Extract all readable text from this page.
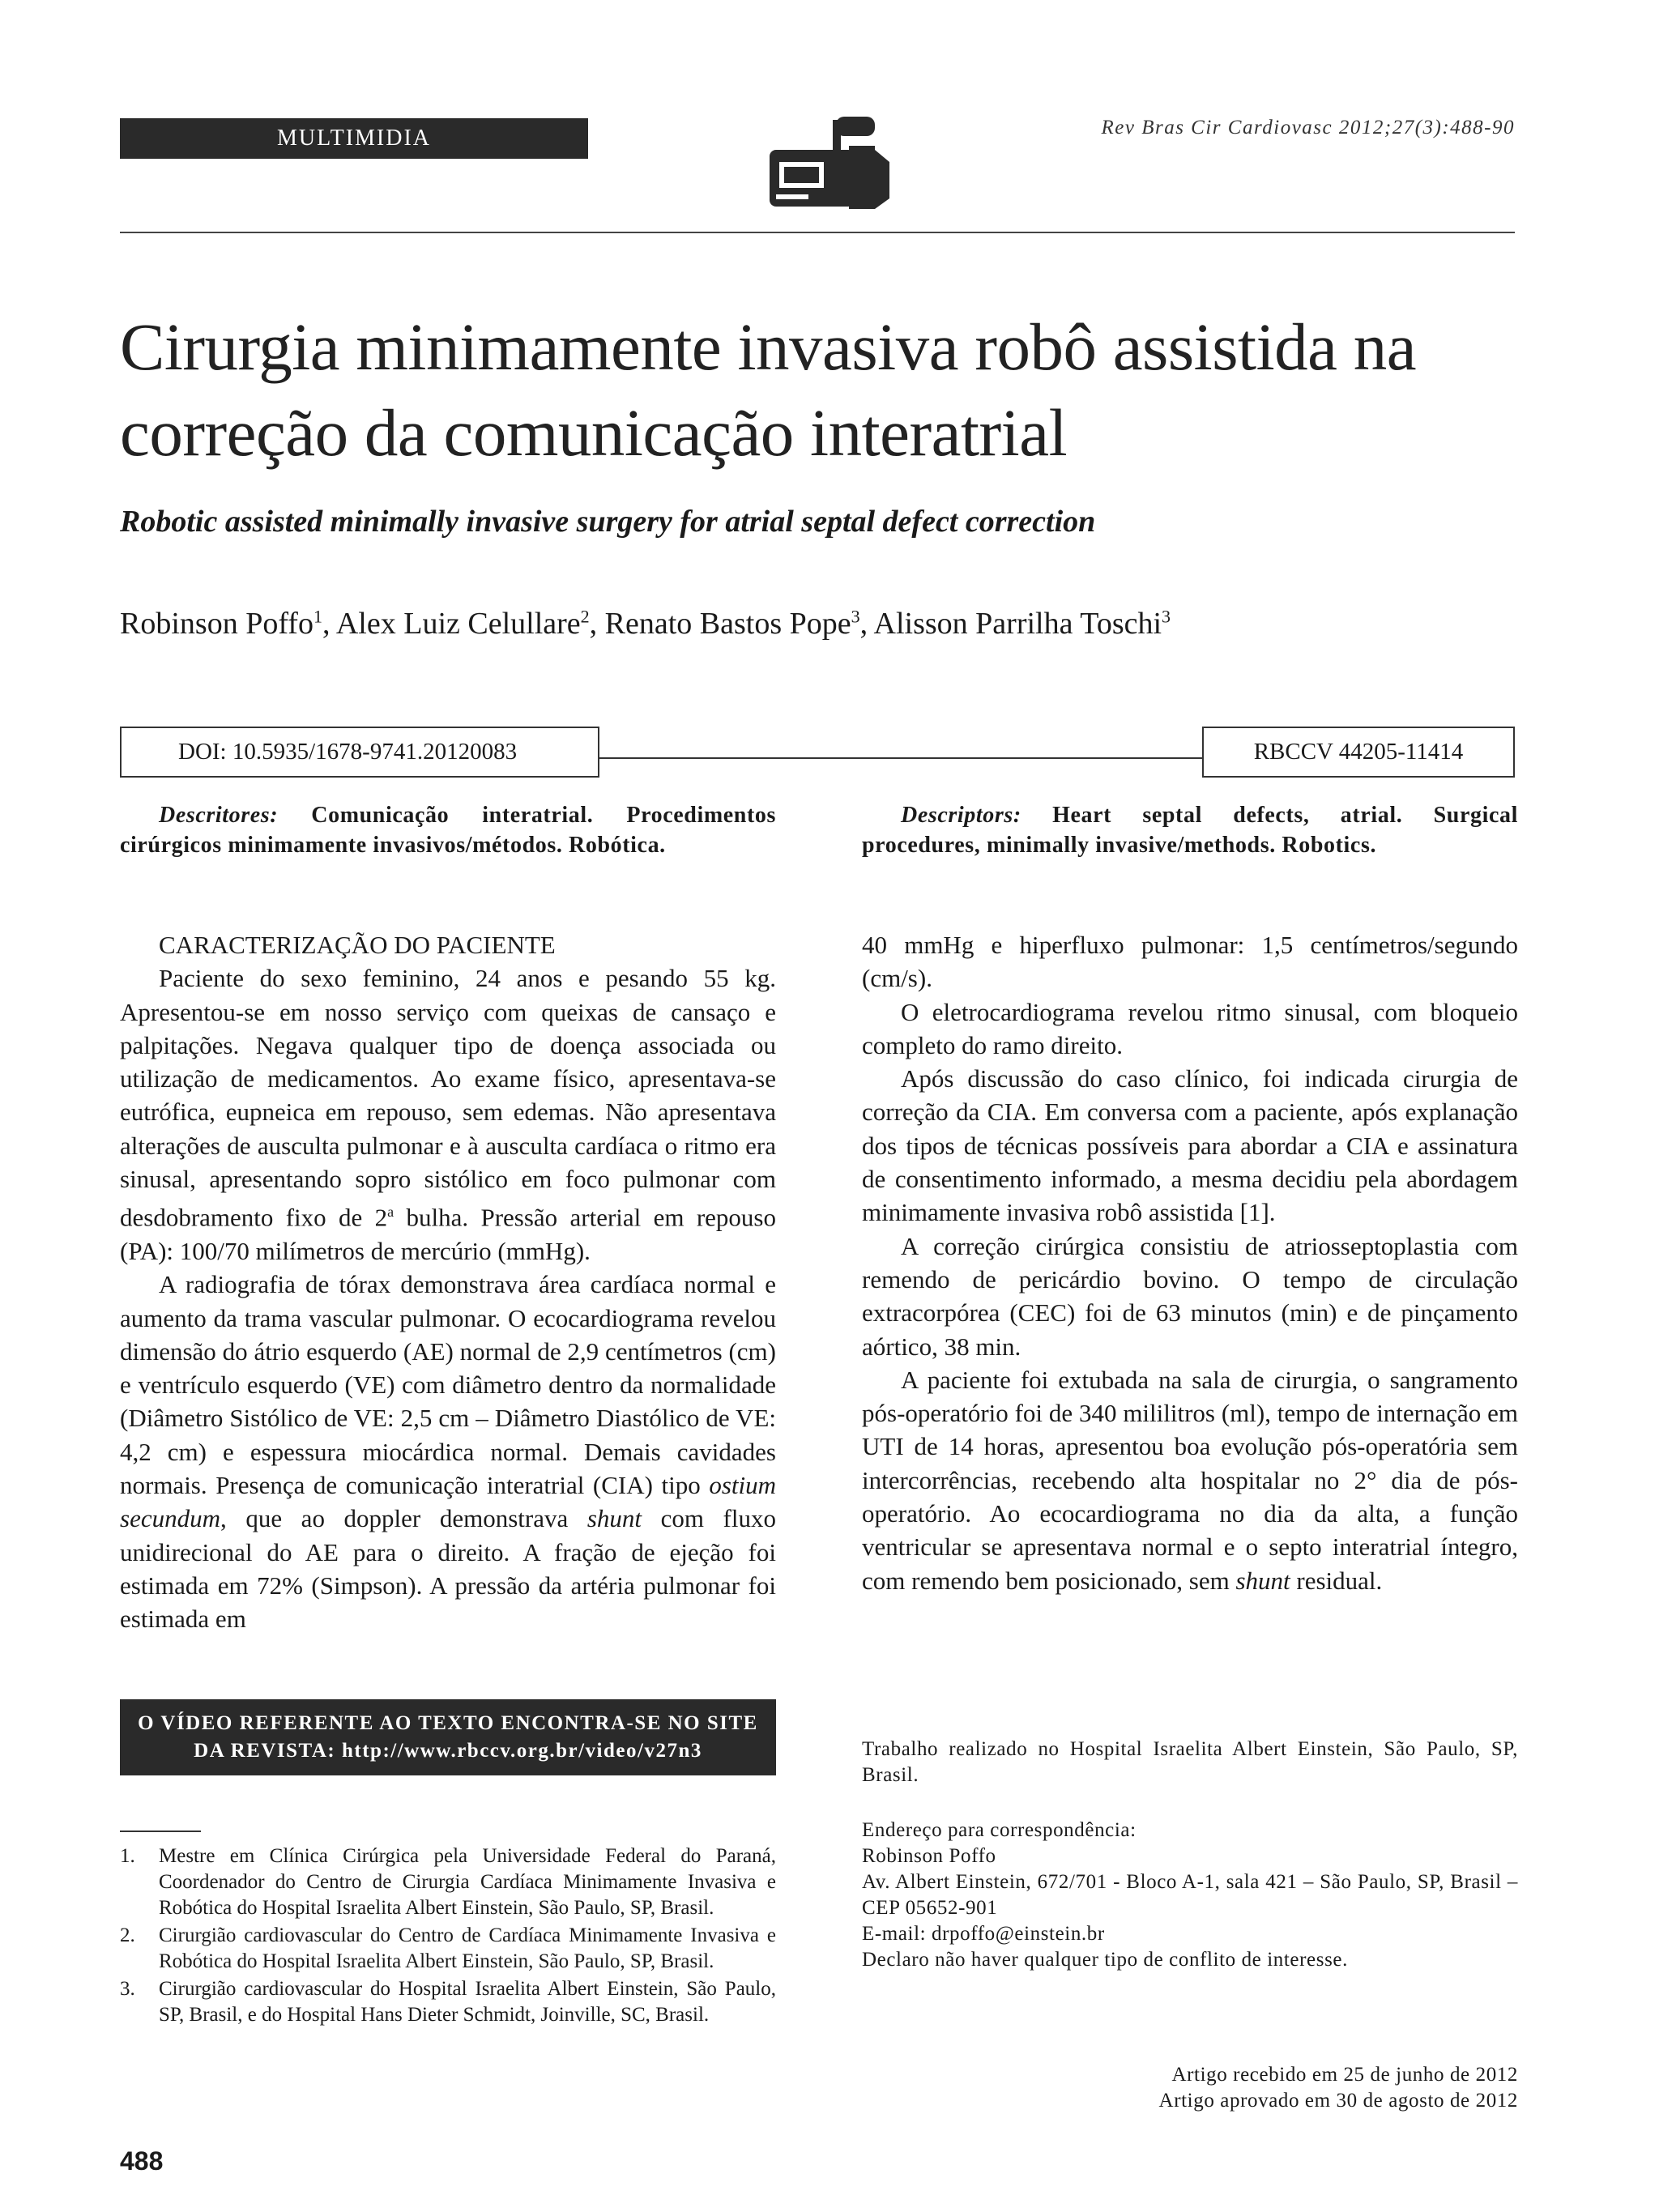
MULTIMIDIA	Rev Bras Cir Cardiovasc 2012;27(3):488-90
Cirurgia minimamente invasiva robô assistida na
correção da comunicação interatrial
Robotic assisted minimally invasive surgery for atrial septal defect correction
Robinson Poffo$^1$, Alex Luiz Celullare$^2$, Renato Bastos Pope$^3$, Alisson Parrilha Toschi$^3$
DOI: 10.5935/1678-9741.20120083	RBCCV 44205-11414
Descritores: Comunicação interatrial. Procedimentos cirúrgicos minimamente invasivos/métodos. Robótica.
Descriptors: Heart septal defects, atrial. Surgical procedures, minimally invasive/methods. Robotics.

CARACTERIZAÇÃO DO PACIENTE

Paciente do sexo feminino, 24 anos e pesando 55 kg. Apresentou-se em nosso serviço com queixas de cansaço e palpitações. Negava qualquer tipo de doença associada ou utilização de medicamentos. Ao exame físico, apresentava-se eutrófica, eupneica em repouso, sem edemas. Não apresentava alterações de ausculta pulmonar e à ausculta cardíaca o ritmo era sinusal, apresentando sopro sistólico em foco pulmonar com desdobramento fixo de 2$^a$ bulha. Pressão arterial em repouso (PA): 100/70 milímetros de mercúrio (mmHg).

A radiografia de tórax demonstrava área cardíaca normal e aumento da trama vascular pulmonar. O ecocardiograma revelou dimensão do átrio esquerdo (AE) normal de 2,9 centímetros (cm) e ventrículo esquerdo (VE) com diâmetro dentro da normalidade (Diâmetro Sistólico de VE: 2,5 cm – Diâmetro Diastólico de VE: 4,2 cm) e espessura miocárdica normal. Demais cavidades normais. Presença de comunicação interatrial (CIA) tipo ostium secundum, que ao doppler demonstrava shunt com fluxo unidirecional do AE para o direito. A fração de ejeção foi estimada em 72% (Simpson). A pressão da artéria pulmonar foi estimada em

40 mmHg e hiperfluxo pulmonar: 1,5 centímetros/segundo (cm/s).

O eletrocardiograma revelou ritmo sinusal, com bloqueio completo do ramo direito.

Após discussão do caso clínico, foi indicada cirurgia de correção da CIA. Em conversa com a paciente, após explanação dos tipos de técnicas possíveis para abordar a CIA e assinatura de consentimento informado, a mesma decidiu pela abordagem minimamente invasiva robô assistida [1].

A correção cirúrgica consistiu de atriosseptoplastia com remendo de pericárdio bovino. O tempo de circulação extracorpórea (CEC) foi de 63 minutos (min) e de pinçamento aórtico, 38 min.

A paciente foi extubada na sala de cirurgia, o sangramento pós-operatório foi de 340 mililitros (ml), tempo de internação em UTI de 14 horas, apresentou boa evolução pós-operatória sem intercorrências, recebendo alta hospitalar no 2° dia de pós-operatório. Ao ecocardiograma no dia da alta, a função ventricular se apresentava normal e o septo interatrial íntegro, com remendo bem posicionado, sem shunt residual.

O VÍDEO REFERENTE AO TEXTO ENCONTRA-SE NO SITE
DA REVISTA: http://www.rbccv.org.br/video/v27n3
1.	Mestre em Clínica Cirúrgica pela Universidade Federal do Paraná, Coordenador do Centro de Cirurgia Cardíaca Minimamente Invasiva e Robótica do Hospital Israelita Albert Einstein, São Paulo, SP, Brasil.
2.	Cirurgião cardiovascular do Centro de Cardíaca Minimamente Invasiva e Robótica do Hospital Israelita Albert Einstein, São Paulo, SP, Brasil.
3.	Cirurgião cardiovascular do Hospital Israelita Albert Einstein, São Paulo, SP, Brasil, e do Hospital Hans Dieter Schmidt, Joinville, SC, Brasil.
Trabalho realizado no Hospital Israelita Albert Einstein, São Paulo, SP, Brasil.
Endereço para correspondência:
Robinson Poffo
Av. Albert Einstein, 672/701 - Bloco A-1, sala 421 – São Paulo, SP, Brasil – CEP 05652-901
E-mail: drpoffo@einstein.br
Declaro não haver qualquer tipo de conflito de interesse.
Artigo recebido em 25 de junho de 2012
Artigo aprovado em 30 de agosto de 2012
488
